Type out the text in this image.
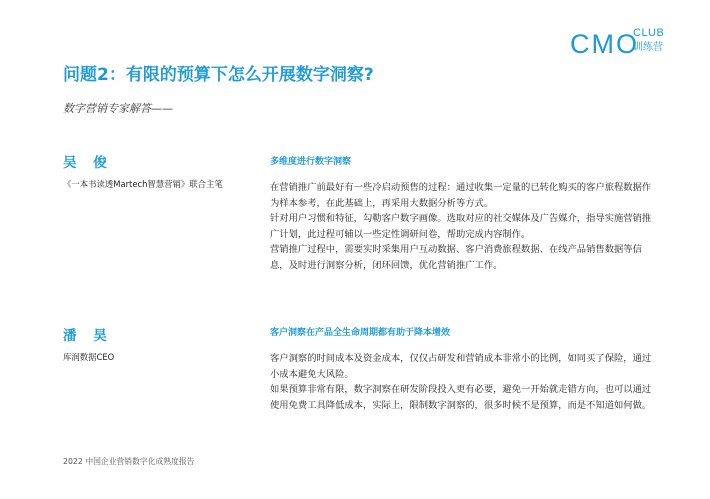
CMO
CLUB
训练营
问题2：有限的预算下怎么开展数字洞察?
数字营销专家解答——
吴 俊
《一本书读透Martech智慧营销》联合主笔
多维度进行数字洞察

在营销推广前最好有一些冷启动预售的过程：通过收集一定量的已转化购买的客户旅程数据作为样本参考，在此基础上，再采用大数据分析等方式。

针对用户习惯和特征，勾勒客户数字画像。选取对应的社交媒体及广告媒介，指导实施营销推广计划，此过程可辅以一些定性调研问卷，帮助完成内容制作。

营销推广过程中，需要实时采集用户互动数据、客户消费旅程数据、在线产品销售数据等信息，及时进行洞察分析，闭环回馈，优化营销推广工作。

潘 昊
库润数据CEO
客户洞察在产品全生命周期都有助于降本增效

客户洞察的时间成本及资金成本，仅仅占研发和营销成本非常小的比例，如同买了保险，通过小成本避免大风险。

如果预算非常有限，数字洞察在研发阶段投入更有必要，避免一开始就走错方向，也可以通过使用免费工具降低成本，实际上，限制数字洞察的，很多时候不是预算，而是不知道如何做。

2022 中国企业营销数字化成熟度报告
